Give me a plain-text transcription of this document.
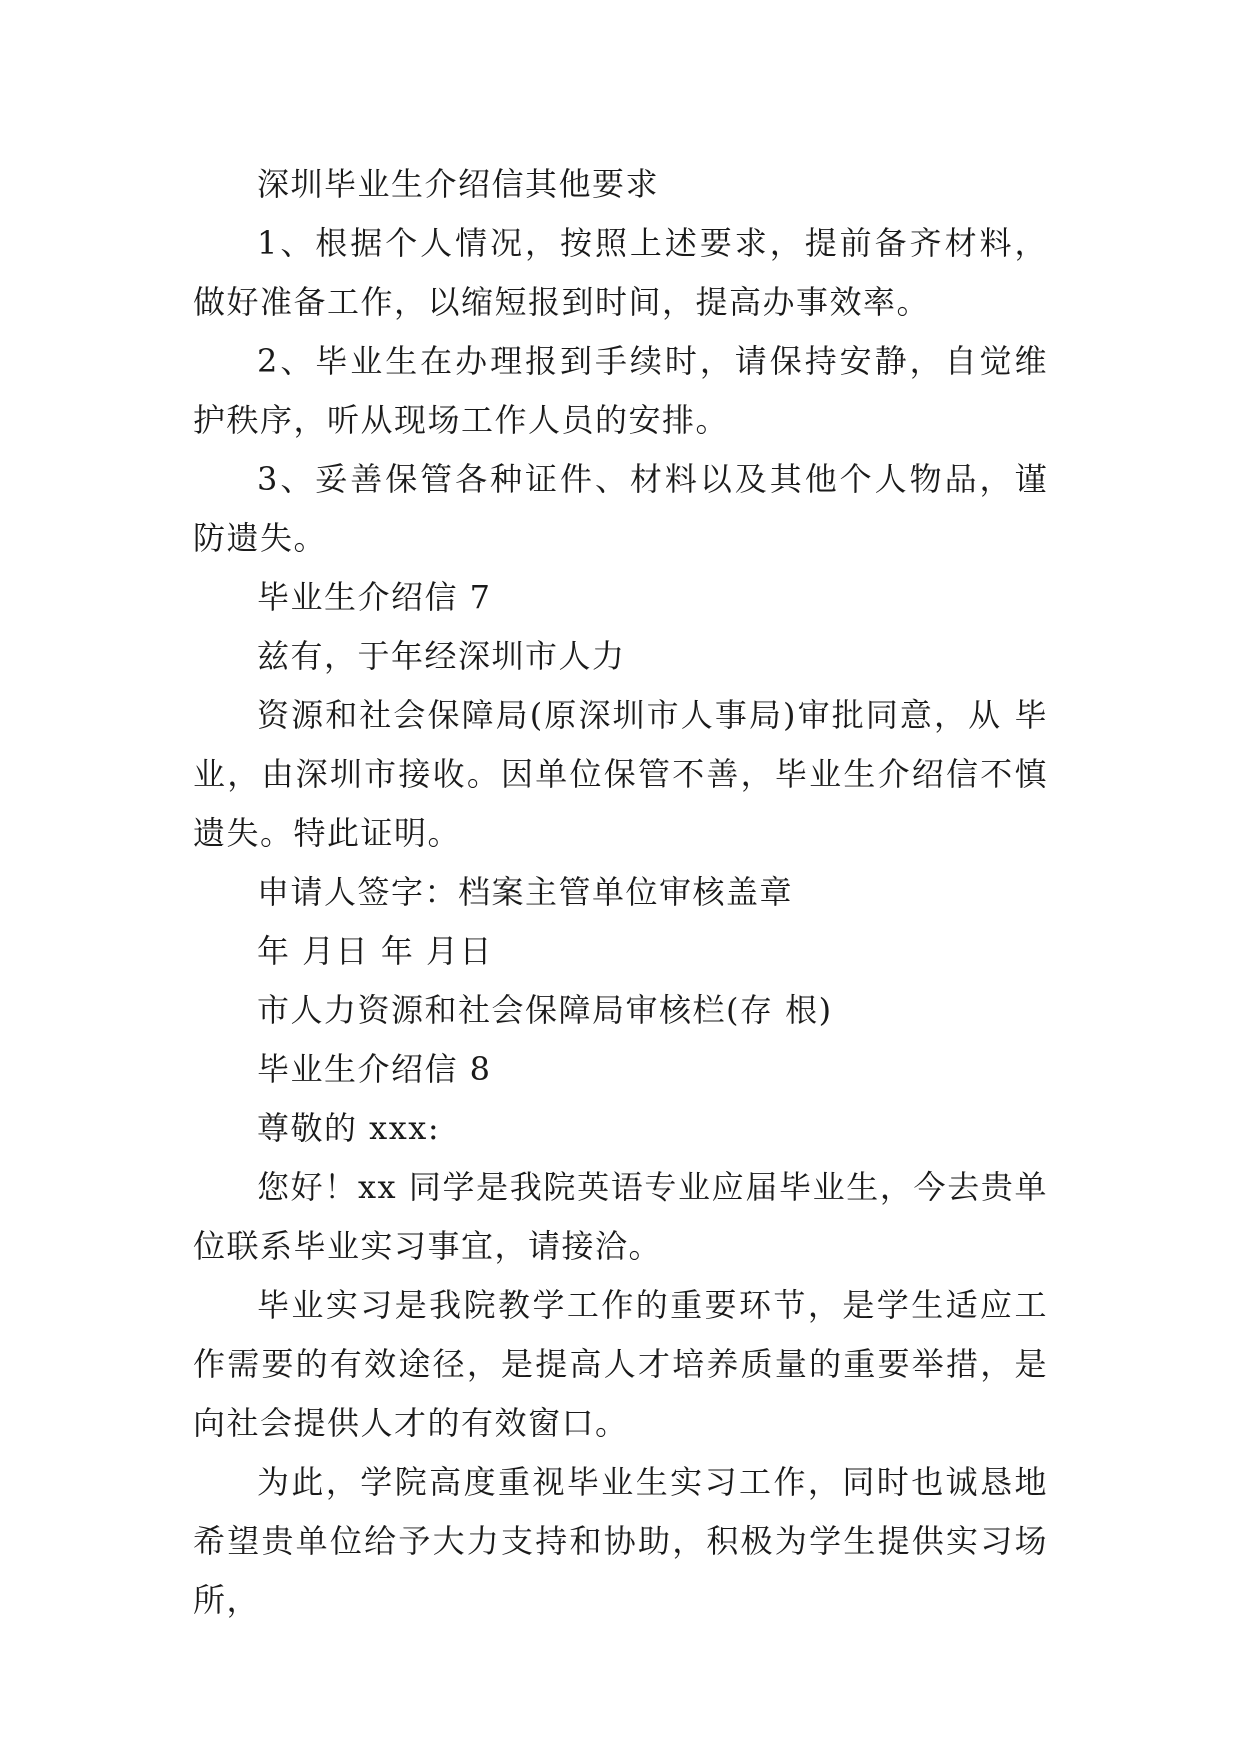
深圳毕业生介绍信其他要求

1、根据个人情况，按照上述要求，提前备齐材料，做好准备工作，以缩短报到时间，提高办事效率。

2、毕业生在办理报到手续时，请保持安静，自觉维护秩序，听从现场工作人员的安排。

3、妥善保管各种证件、材料以及其他个人物品，谨防遗失。

毕业生介绍信 7

兹有，于年经深圳市人力

资源和社会保障局(原深圳市人事局)审批同意，从 毕业，由深圳市接收。因单位保管不善，毕业生介绍信不慎遗失。特此证明。

申请人签字：档案主管单位审核盖章

年 月日 年 月日

市人力资源和社会保障局审核栏(存 根)

毕业生介绍信 8

尊敬的 xxx:

您好！xx 同学是我院英语专业应届毕业生，今去贵单位联系毕业实习事宜，请接洽。

毕业实习是我院教学工作的重要环节，是学生适应工作需要的有效途径，是提高人才培养质量的重要举措，是向社会提供人才的有效窗口。

为此，学院高度重视毕业生实习工作，同时也诚恳地希望贵单位给予大力支持和协助，积极为学生提供实习场所，
